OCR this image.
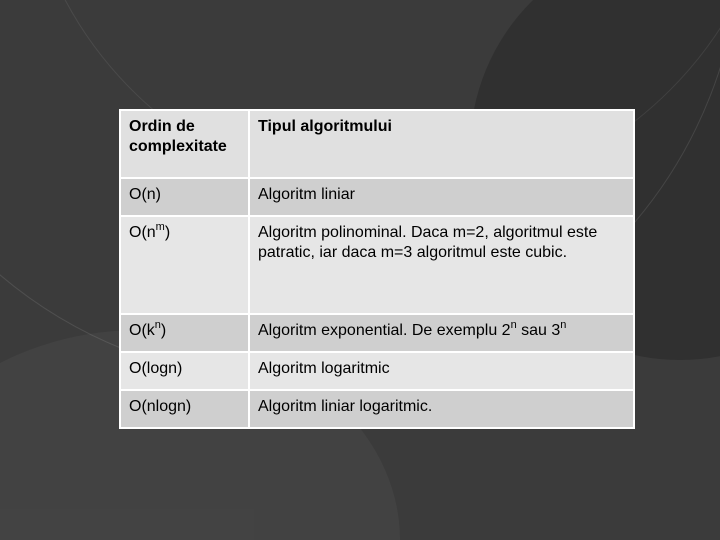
Ordin de complexitate	Tipul algoritmului
O(n)	Algoritm liniar
$O(n^m)$	Algoritm polinominal. Daca m=2, algoritmul este patratic, iar daca m=3 algoritmul este cubic.
$O(k^n)$	Algoritm exponential. De exemplu 2$^n$ sau 3$^n$
O(logn)	Algoritm logaritmic
O(nlogn)	Algoritm liniar logaritmic.
